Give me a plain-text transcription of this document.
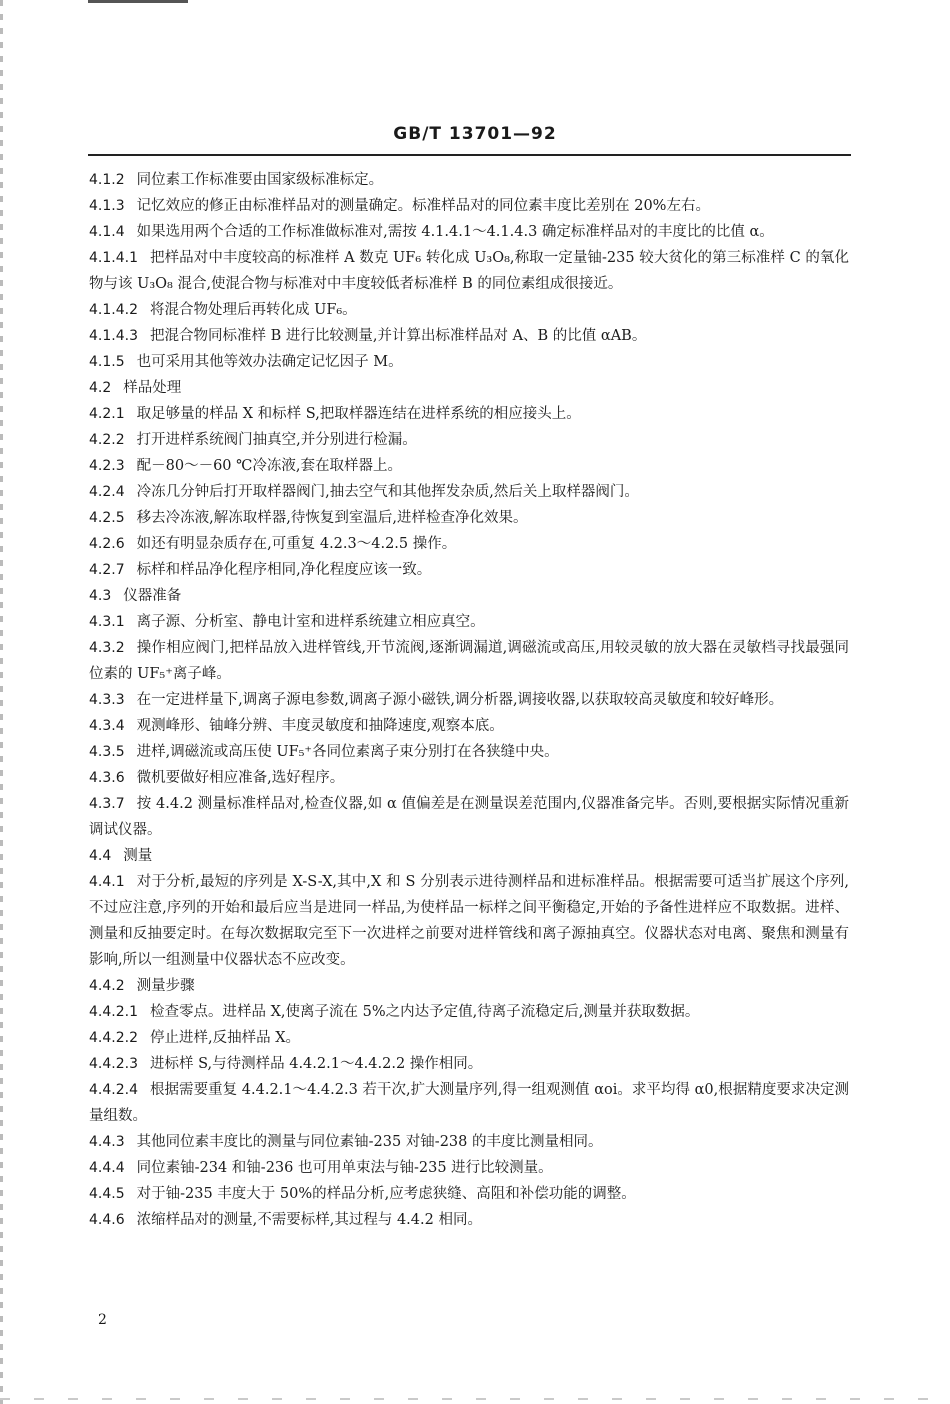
GB/T 13701—92

4.1.2 同位素工作标准要由国家级标准标定。

4.1.3 记忆效应的修正由标准样品对的测量确定。标准样品对的同位素丰度比差别在 20%左右。

4.1.4 如果选用两个合适的工作标准做标准对,需按 4.1.4.1～4.1.4.3 确定标准样品对的丰度比的比值 α。

4.1.4.1 把样品对中丰度较高的标准样 A 数克 UF₆ 转化成 U₃O₈,称取一定量铀-235 较大贫化的第三标准样 C 的氧化物与该 U₃O₈ 混合,使混合物与标准对中丰度较低者标准样 B 的同位素组成很接近。

4.1.4.2 将混合物处理后再转化成 UF₆。

4.1.4.3 把混合物同标准样 B 进行比较测量,并计算出标准样品对 A、B 的比值 αAB。

4.1.5 也可采用其他等效办法确定记忆因子 M。

4.2 样品处理

4.2.1 取足够量的样品 X 和标样 S,把取样器连结在进样系统的相应接头上。

4.2.2 打开进样系统阀门抽真空,并分别进行检漏。

4.2.3 配－80～－60 ℃冷冻液,套在取样器上。

4.2.4 冷冻几分钟后打开取样器阀门,抽去空气和其他挥发杂质,然后关上取样器阀门。

4.2.5 移去冷冻液,解冻取样器,待恢复到室温后,进样检查净化效果。

4.2.6 如还有明显杂质存在,可重复 4.2.3～4.2.5 操作。

4.2.7 标样和样品净化程序相同,净化程度应该一致。

4.3 仪器准备

4.3.1 离子源、分析室、静电计室和进样系统建立相应真空。

4.3.2 操作相应阀门,把样品放入进样管线,开节流阀,逐渐调漏道,调磁流或高压,用较灵敏的放大器在灵敏档寻找最强同位素的 UF₅⁺离子峰。

4.3.3 在一定进样量下,调离子源电参数,调离子源小磁铁,调分析器,调接收器,以获取较高灵敏度和较好峰形。

4.3.4 观测峰形、铀峰分辨、丰度灵敏度和抽降速度,观察本底。

4.3.5 进样,调磁流或高压使 UF₅⁺各同位素离子束分别打在各狭缝中央。

4.3.6 微机要做好相应准备,选好程序。

4.3.7 按 4.4.2 测量标准样品对,检查仪器,如 α 值偏差是在测量误差范围内,仪器准备完毕。否则,要根据实际情况重新调试仪器。

4.4 测量

4.4.1 对于分析,最短的序列是 X-S-X,其中,X 和 S 分别表示进待测样品和进标准样品。根据需要可适当扩展这个序列,不过应注意,序列的开始和最后应当是进同一样品,为使样品一标样之间平衡稳定,开始的予备性进样应不取数据。进样、测量和反抽要定时。在每次数据取完至下一次进样之前要对进样管线和离子源抽真空。仪器状态对电离、聚焦和测量有影响,所以一组测量中仪器状态不应改变。

4.4.2 测量步骤

4.4.2.1 检查零点。进样品 X,使离子流在 5%之内达予定值,待离子流稳定后,测量并获取数据。

4.4.2.2 停止进样,反抽样品 X。

4.4.2.3 进标样 S,与待测样品 4.4.2.1～4.4.2.2 操作相同。

4.4.2.4 根据需要重复 4.4.2.1～4.4.2.3 若干次,扩大测量序列,得一组观测值 αoi。求平均得 α0,根据精度要求决定测量组数。

4.4.3 其他同位素丰度比的测量与同位素铀-235 对铀-238 的丰度比测量相同。

4.4.4 同位素铀-234 和铀-236 也可用单束法与铀-235 进行比较测量。

4.4.5 对于铀-235 丰度大于 50%的样品分析,应考虑狭缝、高阻和补偿功能的调整。

4.4.6 浓缩样品对的测量,不需要标样,其过程与 4.4.2 相同。

2
